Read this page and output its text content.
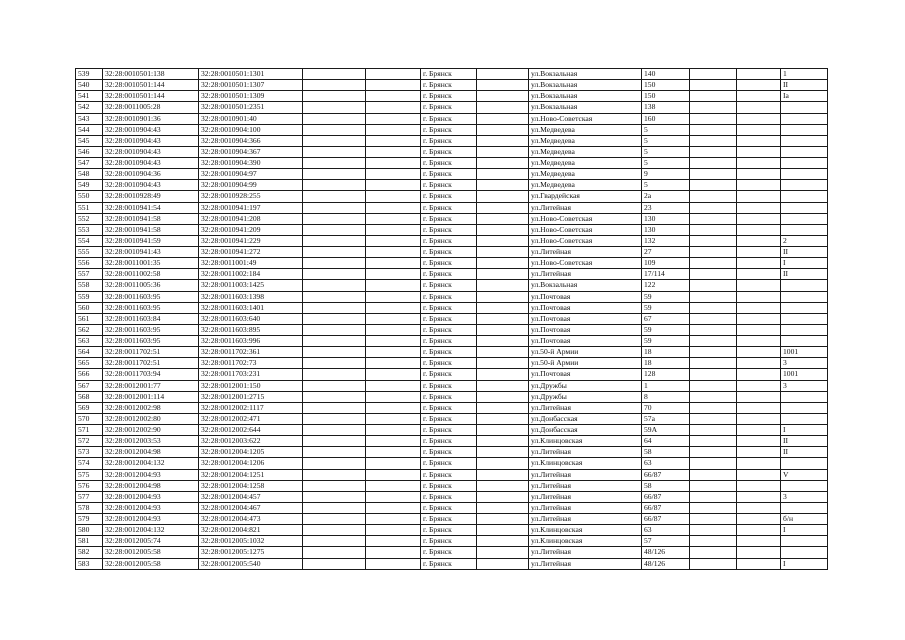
539	32:28:0010501:138	32:28:0010501:1301			г. Брянск		ул.Вокзальная	140			1
540	32:28:0010501:144	32:28:0010501:1307			г. Брянск		ул.Вокзальная	150			II
541	32:28:0010501:144	32:28:0010501:1309			г. Брянск		ул.Вокзальная	150			Ia
542	32:28:0011005:28	32:28:0010501:2351			г. Брянск		ул.Вокзальная	138			
543	32:28:0010901:36	32:28:0010901:40			г. Брянск		ул.Ново-Советская	160			
544	32:28:0010904:43	32:28:0010904:100			г. Брянск		ул.Медведева	5			
545	32:28:0010904:43	32:28:0010904:366			г. Брянск		ул.Медведева	5			
546	32:28:0010904:43	32:28:0010904:367			г. Брянск		ул.Медведева	5			
547	32:28:0010904:43	32:28:0010904:390			г. Брянск		ул.Медведева	5			
548	32:28:0010904:36	32:28:0010904:97			г. Брянск		ул.Медведева	9			
549	32:28:0010904:43	32:28:0010904:99			г. Брянск		ул.Медведева	5			
550	32:28:0010928:49	32:28:0010928:255			г. Брянск		ул.Гвардейская	2a			
551	32:28:0010941:54	32:28:0010941:197			г. Брянск		ул.Литейная	23			
552	32:28:0010941:58	32:28:0010941:208			г. Брянск		ул.Ново-Советская	130			
553	32:28:0010941:58	32:28:0010941:209			г. Брянск		ул.Ново-Советская	130			
554	32:28:0010941:59	32:28:0010941:229			г. Брянск		ул.Ново-Советская	132			2
555	32:28:0010941:43	32:28:0010941:272			г. Брянск		ул.Литейная	27			II
556	32:28:0011001:35	32:28:0011001:49			г. Брянск		ул.Ново-Советская	109			I
557	32:28:0011002:58	32:28:0011002:184			г. Брянск		ул.Литейная	17/114			II
558	32:28:0011005:36	32:28:0011003:1425			г. Брянск		ул.Вокзальная	122			
559	32:28:0011603:95	32:28:0011603:1398			г. Брянск		ул.Почтовая	59			
560	32:28:0011603:95	32:28:0011603:1401			г. Брянск		ул.Почтовая	59			
561	32:28:0011603:84	32:28:0011603:640			г. Брянск		ул.Почтовая	67			
562	32:28:0011603:95	32:28:0011603:895			г. Брянск		ул.Почтовая	59			
563	32:28:0011603:95	32:28:0011603:996			г. Брянск		ул.Почтовая	59			
564	32:28:0011702:51	32:28:0011702:361			г. Брянск		ул.50-й Армии	18			1001
565	32:28:0011702:51	32:28:0011702:73			г. Брянск		ул.50-й Армии	18			3
566	32:28:0011703:94	32:28:0011703:231			г. Брянск		ул.Почтовая	128			1001
567	32:28:0012001:77	32:28:0012001:150			г. Брянск		ул.Дружбы	1			3
568	32:28:0012001:114	32:28:0012001:2715			г. Брянск		ул.Дружбы	8			
569	32:28:0012002:98	32:28:0012002:1117			г. Брянск		ул.Литейная	70			
570	32:28:0012002:80	32:28:0012002:471			г. Брянск		ул.Донбасская	57a			
571	32:28:0012002:90	32:28:0012002:644			г. Брянск		ул.Донбасская	59A			I
572	32:28:0012003:53	32:28:0012003:622			г. Брянск		ул.Клинцовская	64			II
573	32:28:0012004:98	32:28:0012004:1205			г. Брянск		ул.Литейная	58			II
574	32:28:0012004:132	32:28:0012004:1206			г. Брянск		ул.Клинцовская	63			
575	32:28:0012004:93	32:28:0012004:1251			г. Брянск		ул.Литейная	66/87			V
576	32:28:0012004:98	32:28:0012004:1258			г. Брянск		ул.Литейная	58			
577	32:28:0012004:93	32:28:0012004:457			г. Брянск		ул.Литейная	66/87			3
578	32:28:0012004:93	32:28:0012004:467			г. Брянск		ул.Литейная	66/87			
579	32:28:0012004:93	32:28:0012004:473			г. Брянск		ул.Литейная	66/87			б/н
580	32:28:0012004:132	32:28:0012004:821			г. Брянск		ул.Клинцовская	63			I
581	32:28:0012005:74	32:28:0012005:1032			г. Брянск		ул.Клинцовская	57			
582	32:28:0012005:58	32:28:0012005:1275			г. Брянск		ул.Литейная	48/126			
583	32:28:0012005:58	32:28:0012005:540			г. Брянск		ул.Литейная	48/126			I
